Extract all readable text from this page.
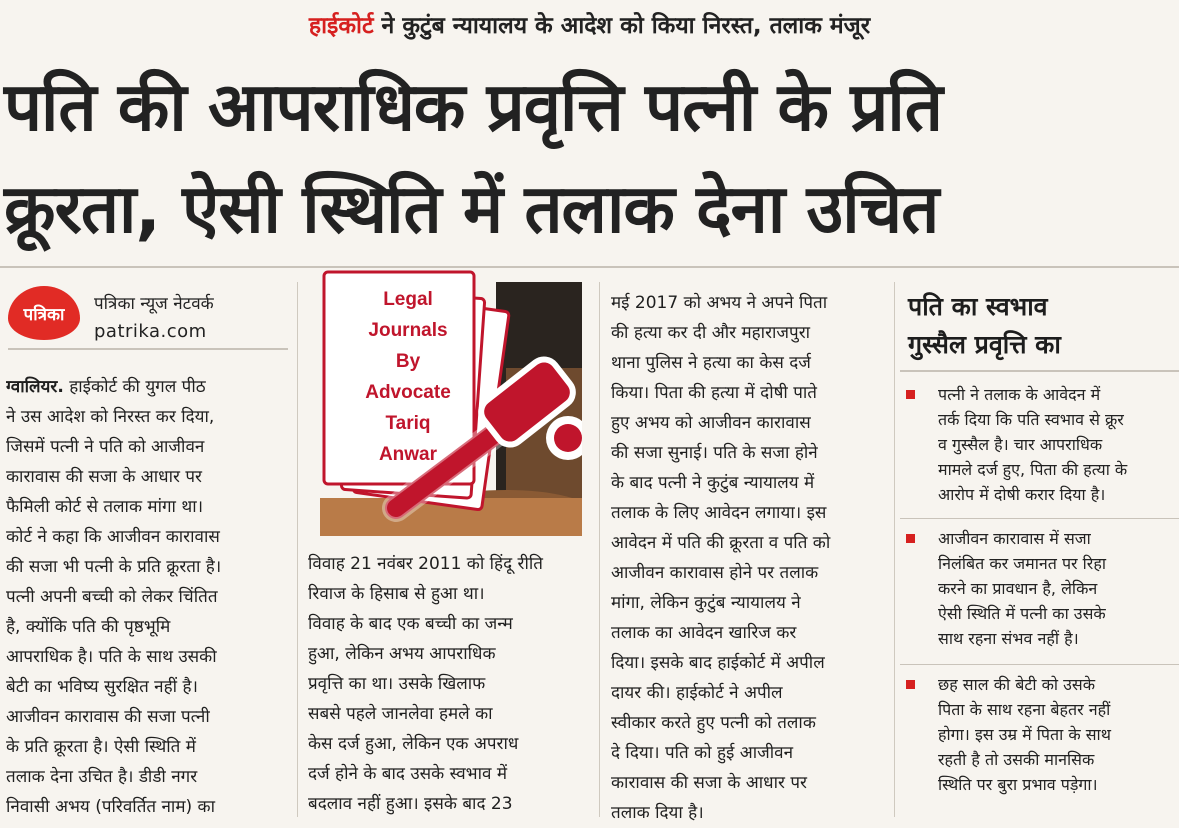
हाईकोर्ट ने कुटुंब न्यायालय के आदेश को किया निरस्त, तलाक मंजूर
पति की आपराधिक प्रवृत्ति पत्नी के प्रति
क्रूरता, ऐसी स्थिति में तलाक देना उचित
पत्रिका
पत्रिका न्यूज नेटवर्क
patrika.com
ग्वालियर. हाईकोर्ट की युगल पीठ
ने उस आदेश को निरस्त कर दिया,
जिसमें पत्नी ने पति को आजीवन
कारावास की सजा के आधार पर
फैमिली कोर्ट से तलाक मांगा था।
कोर्ट ने कहा कि आजीवन कारावास
की सजा भी पत्नी के प्रति क्रूरता है।
पत्नी अपनी बच्ची को लेकर चिंतित
है, क्योंकि पति की पृष्ठभूमि
आपराधिक है। पति के साथ उसकी
बेटी का भविष्य सुरक्षित नहीं है।
आजीवन कारावास की सजा पत्नी
के प्रति क्रूरता है। ऐसी स्थिति में
तलाक देना उचित है। डीडी नगर
निवासी अभय (परिवर्तित नाम) का
Legal
Journals
By
Advocate
Tariq
Anwar
विवाह 21 नवंबर 2011 को हिंदू रीति
रिवाज के हिसाब से हुआ था।
विवाह के बाद एक बच्ची का जन्म
हुआ, लेकिन अभय आपराधिक
प्रवृत्ति का था। उसके खिलाफ
सबसे पहले जानलेवा हमले का
केस दर्ज हुआ, लेकिन एक अपराध
दर्ज होने के बाद उसके स्वभाव में
बदलाव नहीं हुआ। इसके बाद 23
मई 2017 को अभय ने अपने पिता
की हत्या कर दी और महाराजपुरा
थाना पुलिस ने हत्या का केस दर्ज
किया। पिता की हत्या में दोषी पाते
हुए अभय को आजीवन कारावास
की सजा सुनाई। पति के सजा होने
के बाद पत्नी ने कुटुंब न्यायालय में
तलाक के लिए आवेदन लगाया। इस
आवेदन में पति की क्रूरता व पति को
आजीवन कारावास होने पर तलाक
मांगा, लेकिन कुटुंब न्यायालय ने
तलाक का आवेदन खारिज कर
दिया। इसके बाद हाईकोर्ट में अपील
दायर की। हाईकोर्ट ने अपील
स्वीकार करते हुए पत्नी को तलाक
दे दिया। पति को हुई आजीवन
कारावास की सजा के आधार पर
तलाक दिया है।
पति का स्वभाव
गुस्सैल प्रवृत्ति का
पत्नी ने तलाक के आवेदन में
तर्क दिया कि पति स्वभाव से क्रूर
व गुस्सैल है। चार आपराधिक
मामले दर्ज हुए, पिता की हत्या के
आरोप में दोषी करार दिया है।
आजीवन कारावास में सजा
निलंबित कर जमानत पर रिहा
करने का प्रावधान है, लेकिन
ऐसी स्थिति में पत्नी का उसके
साथ रहना संभव नहीं है।
छह साल की बेटी को उसके
पिता के साथ रहना बेहतर नहीं
होगा। इस उम्र में पिता के साथ
रहती है तो उसकी मानसिक
स्थिति पर बुरा प्रभाव पड़ेगा।
